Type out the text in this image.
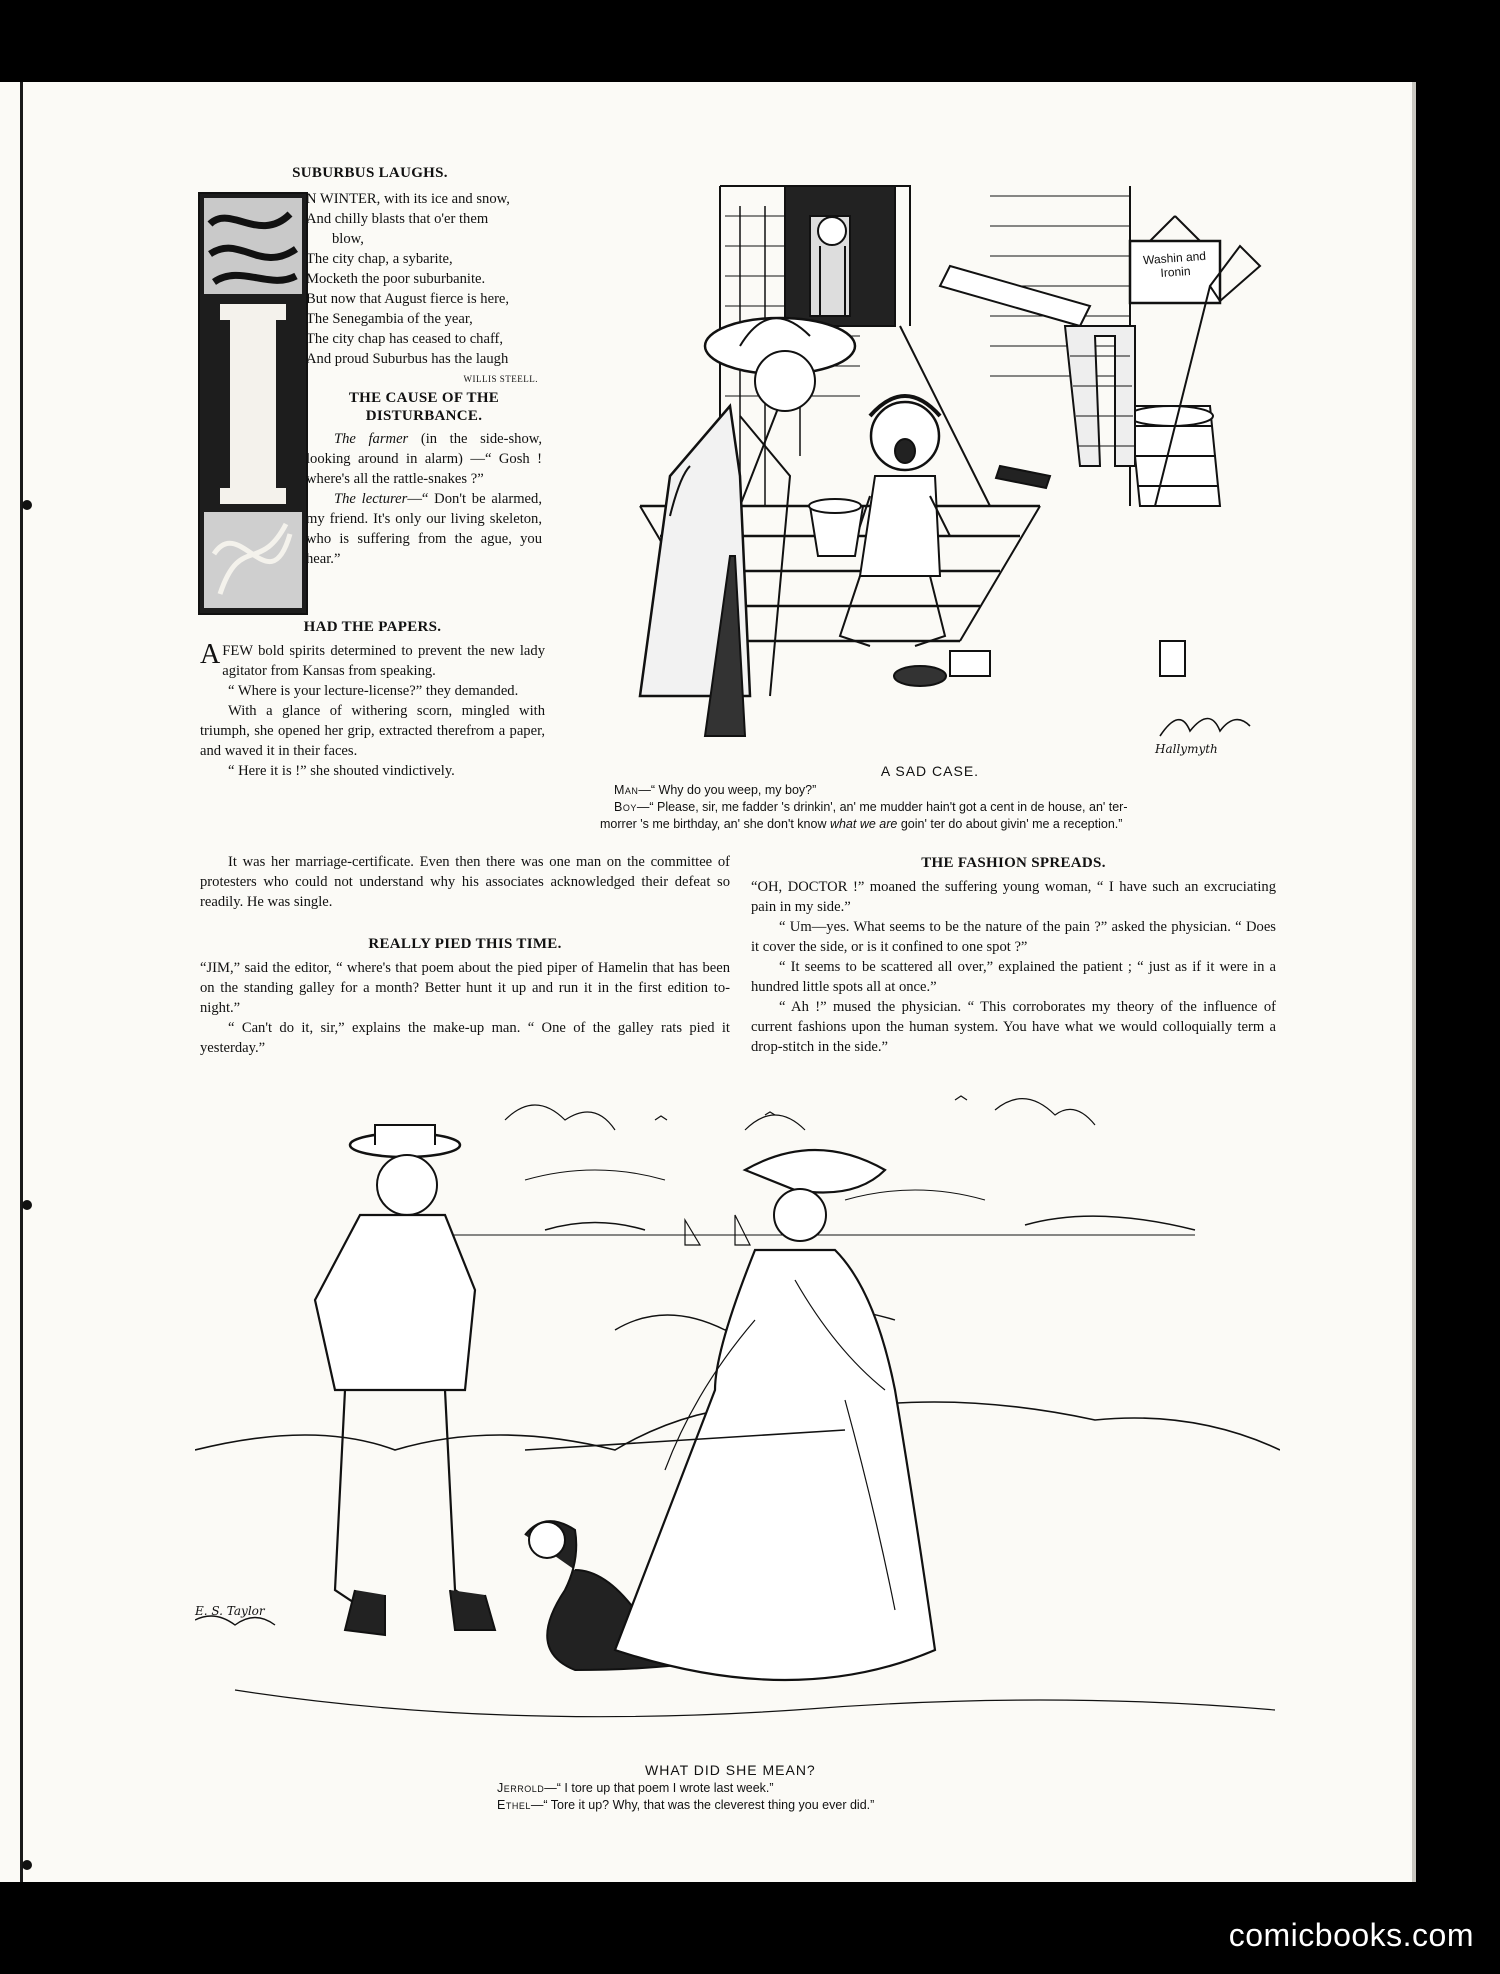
SUBURBUS LAUGHS.
N WINTER, with its ice and snow,
And chilly blasts that o'er them
blow,
The city chap, a sybarite,
Mocketh the poor suburbanite.
But now that August fierce is here,
The Senegambia of the year,
The city chap has ceased to chaff,
And proud Suburbus has the laugh
WILLIS STEELL.
THE CAUSE OF THE DISTURBANCE.

The farmer (in the side-show, looking around in alarm) —“ Gosh ! where's all the rattle-snakes ?”

The lecturer—“ Don't be alarmed, my friend. It's only our living skeleton, who is suffering from the ague, you hear.”

HAD THE PAPERS.

A FEW bold spirits determined to prevent the new lady agitator from Kansas from speaking.

“ Where is your lecture-license?” they demanded.

With a glance of withering scorn, mingled with triumph, she opened her grip, extracted therefrom a paper, and waved it in their faces.

“ Here it is !” she shouted vindictively.

It was her marriage-certificate. Even then there was one man on the committee of protesters who could not understand why his associates acknowledged their defeat so readily. He was single.

REALLY PIED THIS TIME.

“JIM,” said the editor, “ where's that poem about the pied piper of Hamelin that has been on the standing galley for a month? Better hunt it up and run it in the first edition to-night.”

“ Can't do it, sir,” explains the make-up man. “ One of the galley rats pied it yesterday.”

Washin and Ironin
Hallymyth
A SAD CASE.
Man—“ Why do you weep, my boy?”
Boy—“ Please, sir, me fadder 's drinkin', an' me mudder hain't got a cent in de house, an' ter-
morrer 's me birthday, an' she don't know what we are goin' ter do about givin' me a reception.”
THE FASHION SPREADS.

“OH, DOCTOR !” moaned the suffering young woman, “ I have such an excruciating pain in my side.”

“ Um—yes. What seems to be the nature of the pain ?” asked the physician. “ Does it cover the side, or is it confined to one spot ?”

“ It seems to be scattered all over,” explained the patient ; “ just as if it were in a hundred little spots all at once.”

“ Ah !” mused the physician. “ This corroborates my theory of the influence of current fashions upon the human system. You have what we would colloquially term a drop-stitch in the side.”

E. S. Taylor
WHAT DID SHE MEAN?
Jerrold—“ I tore up that poem I wrote last week.”
Ethel—“ Tore it up? Why, that was the cleverest thing you ever did.”
comicbooks.com
